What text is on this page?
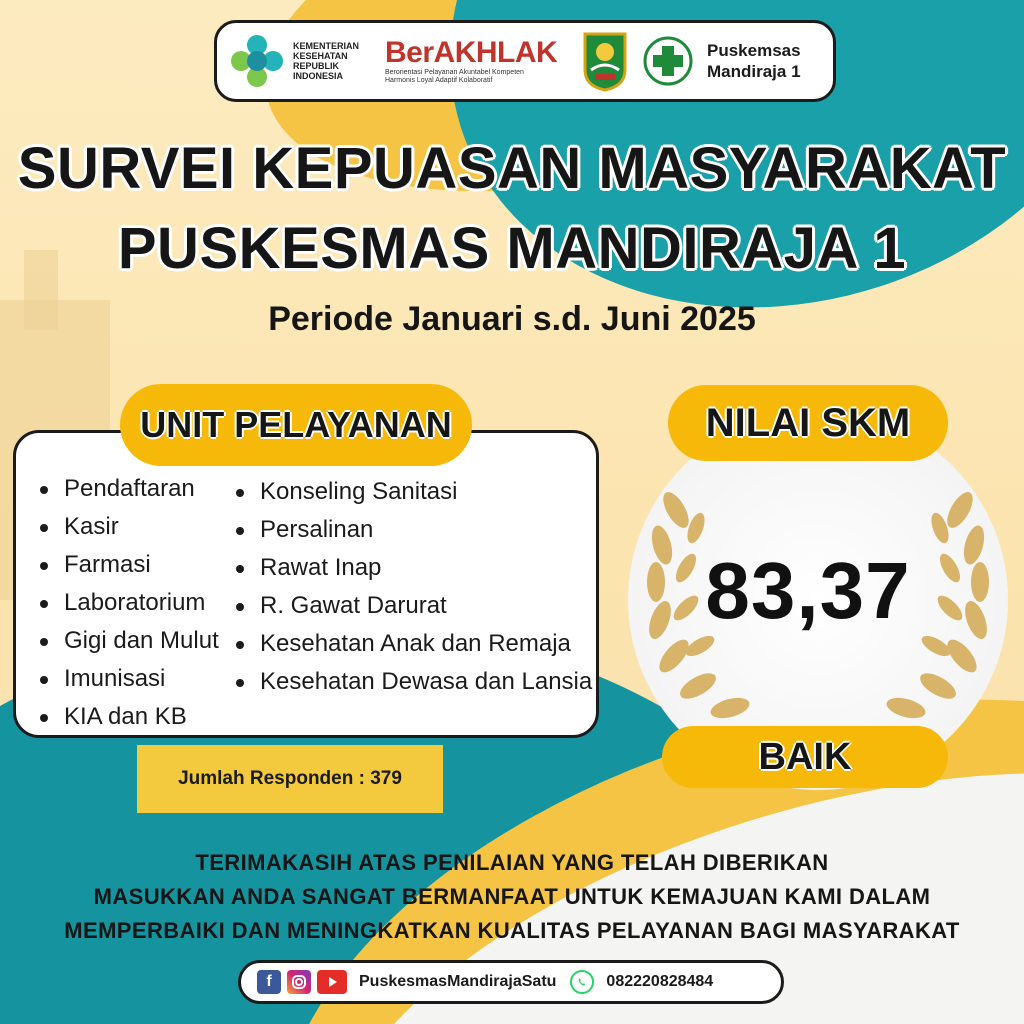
KEMENTERIAN
KESEHATAN
REPUBLIK
INDONESIA
BerAKHLAK
Berorientasi Pelayanan Akuntabel Kompeten
Harmonis Loyal Adaptif Kolaboratif
Puskemsas
Mandiraja 1
SURVEI KEPUASAN MASYARAKAT
PUSKESMAS MANDIRAJA 1
Periode Januari s.d. Juni 2025
UNIT PELAYANAN
Pendaftaran
Kasir
Farmasi
Laboratorium
Gigi dan Mulut
Imunisasi
KIA dan KB
Konseling Sanitasi
Persalinan
Rawat Inap
R. Gawat Darurat
Kesehatan Anak dan Remaja
Kesehatan Dewasa dan Lansia
Jumlah Responden : 379
NILAI SKM
83,37
BAIK
TERIMAKASIH ATAS PENILAIAN YANG TELAH DIBERIKAN
MASUKKAN ANDA SANGAT BERMANFAAT UNTUK KEMAJUAN KAMI DALAM
MEMPERBAIKI DAN MENINGKATKAN KUALITAS PELAYANAN BAGI MASYARAKAT
f	PuskesmasMandirajaSatu	082220828484
